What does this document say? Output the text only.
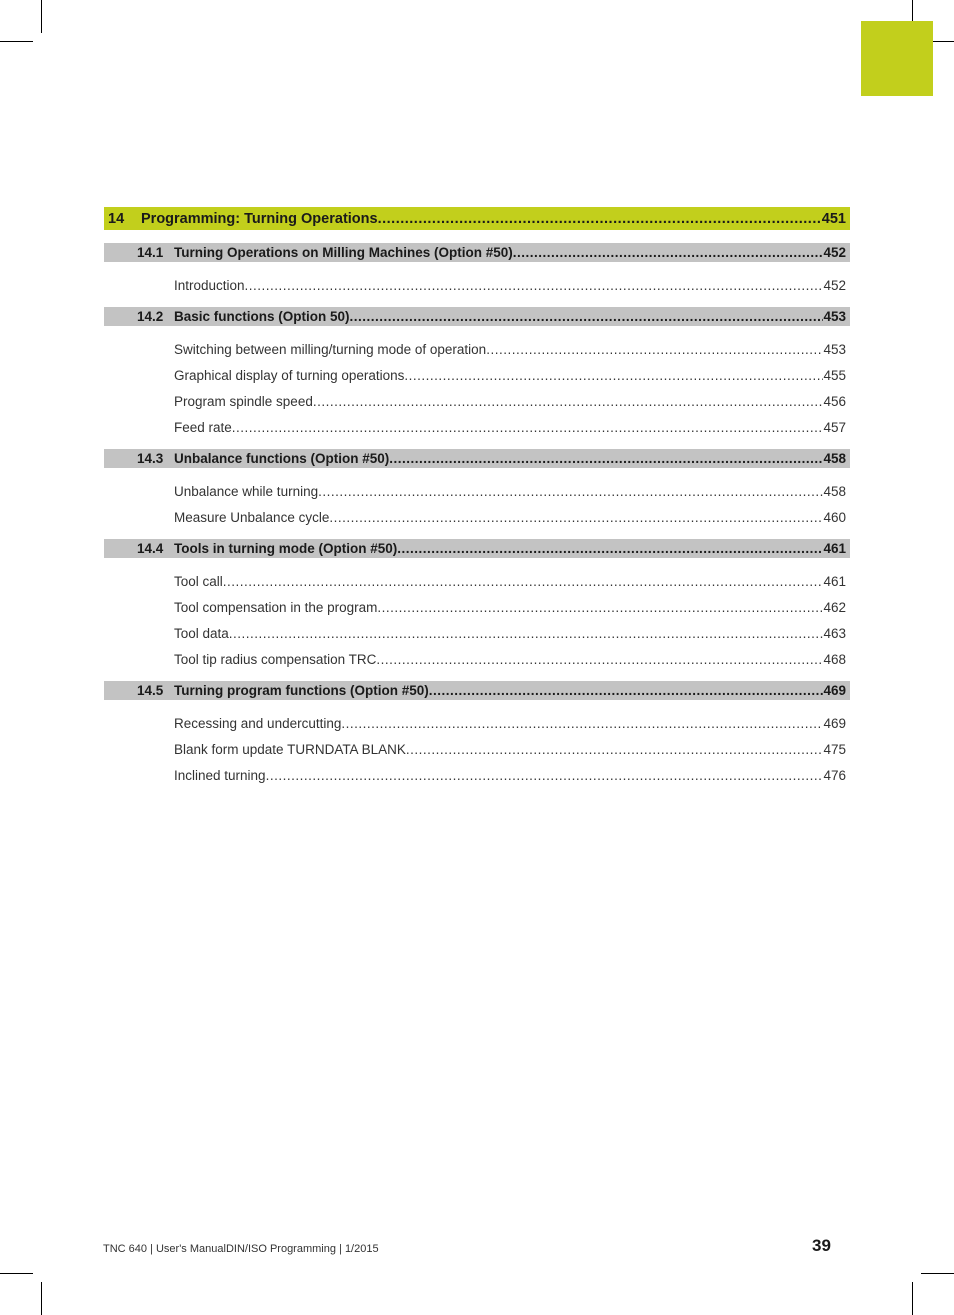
14	Programming: Turning Operations .....	451
14.1 Turning Operations on Milling Machines (Option #50) .....	452
Introduction .....	452
14.2 Basic functions (Option 50) .....	453
Switching between milling/turning mode of operation .....	453
Graphical display of turning operations .....	455
Program spindle speed .....	456
Feed rate .....	457
14.3 Unbalance functions (Option #50) .....	458
Unbalance while turning .....	458
Measure Unbalance cycle .....	460
14.4 Tools in turning mode (Option #50) .....	461
Tool call .....	461
Tool compensation in the program .....	462
Tool data .....	463
Tool tip radius compensation TRC .....	468
14.5 Turning program functions (Option #50) .....	469
Recessing and undercutting .....	469
Blank form update TURNDATA BLANK .....	475
Inclined turning .....	476
TNC 640 | User's ManualDIN/ISO Programming | 1/2015	39
